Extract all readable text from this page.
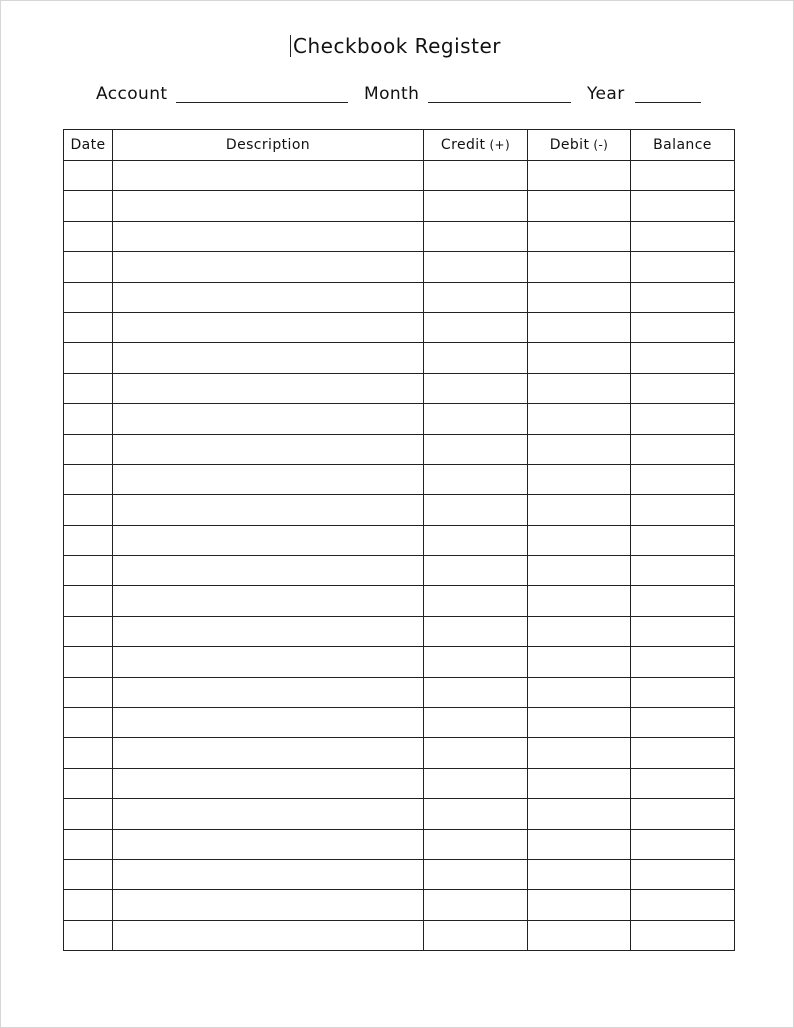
Checkbook Register
Account	Month	Year
Date	Description	Credit (+)	Debit (-)	Balance
